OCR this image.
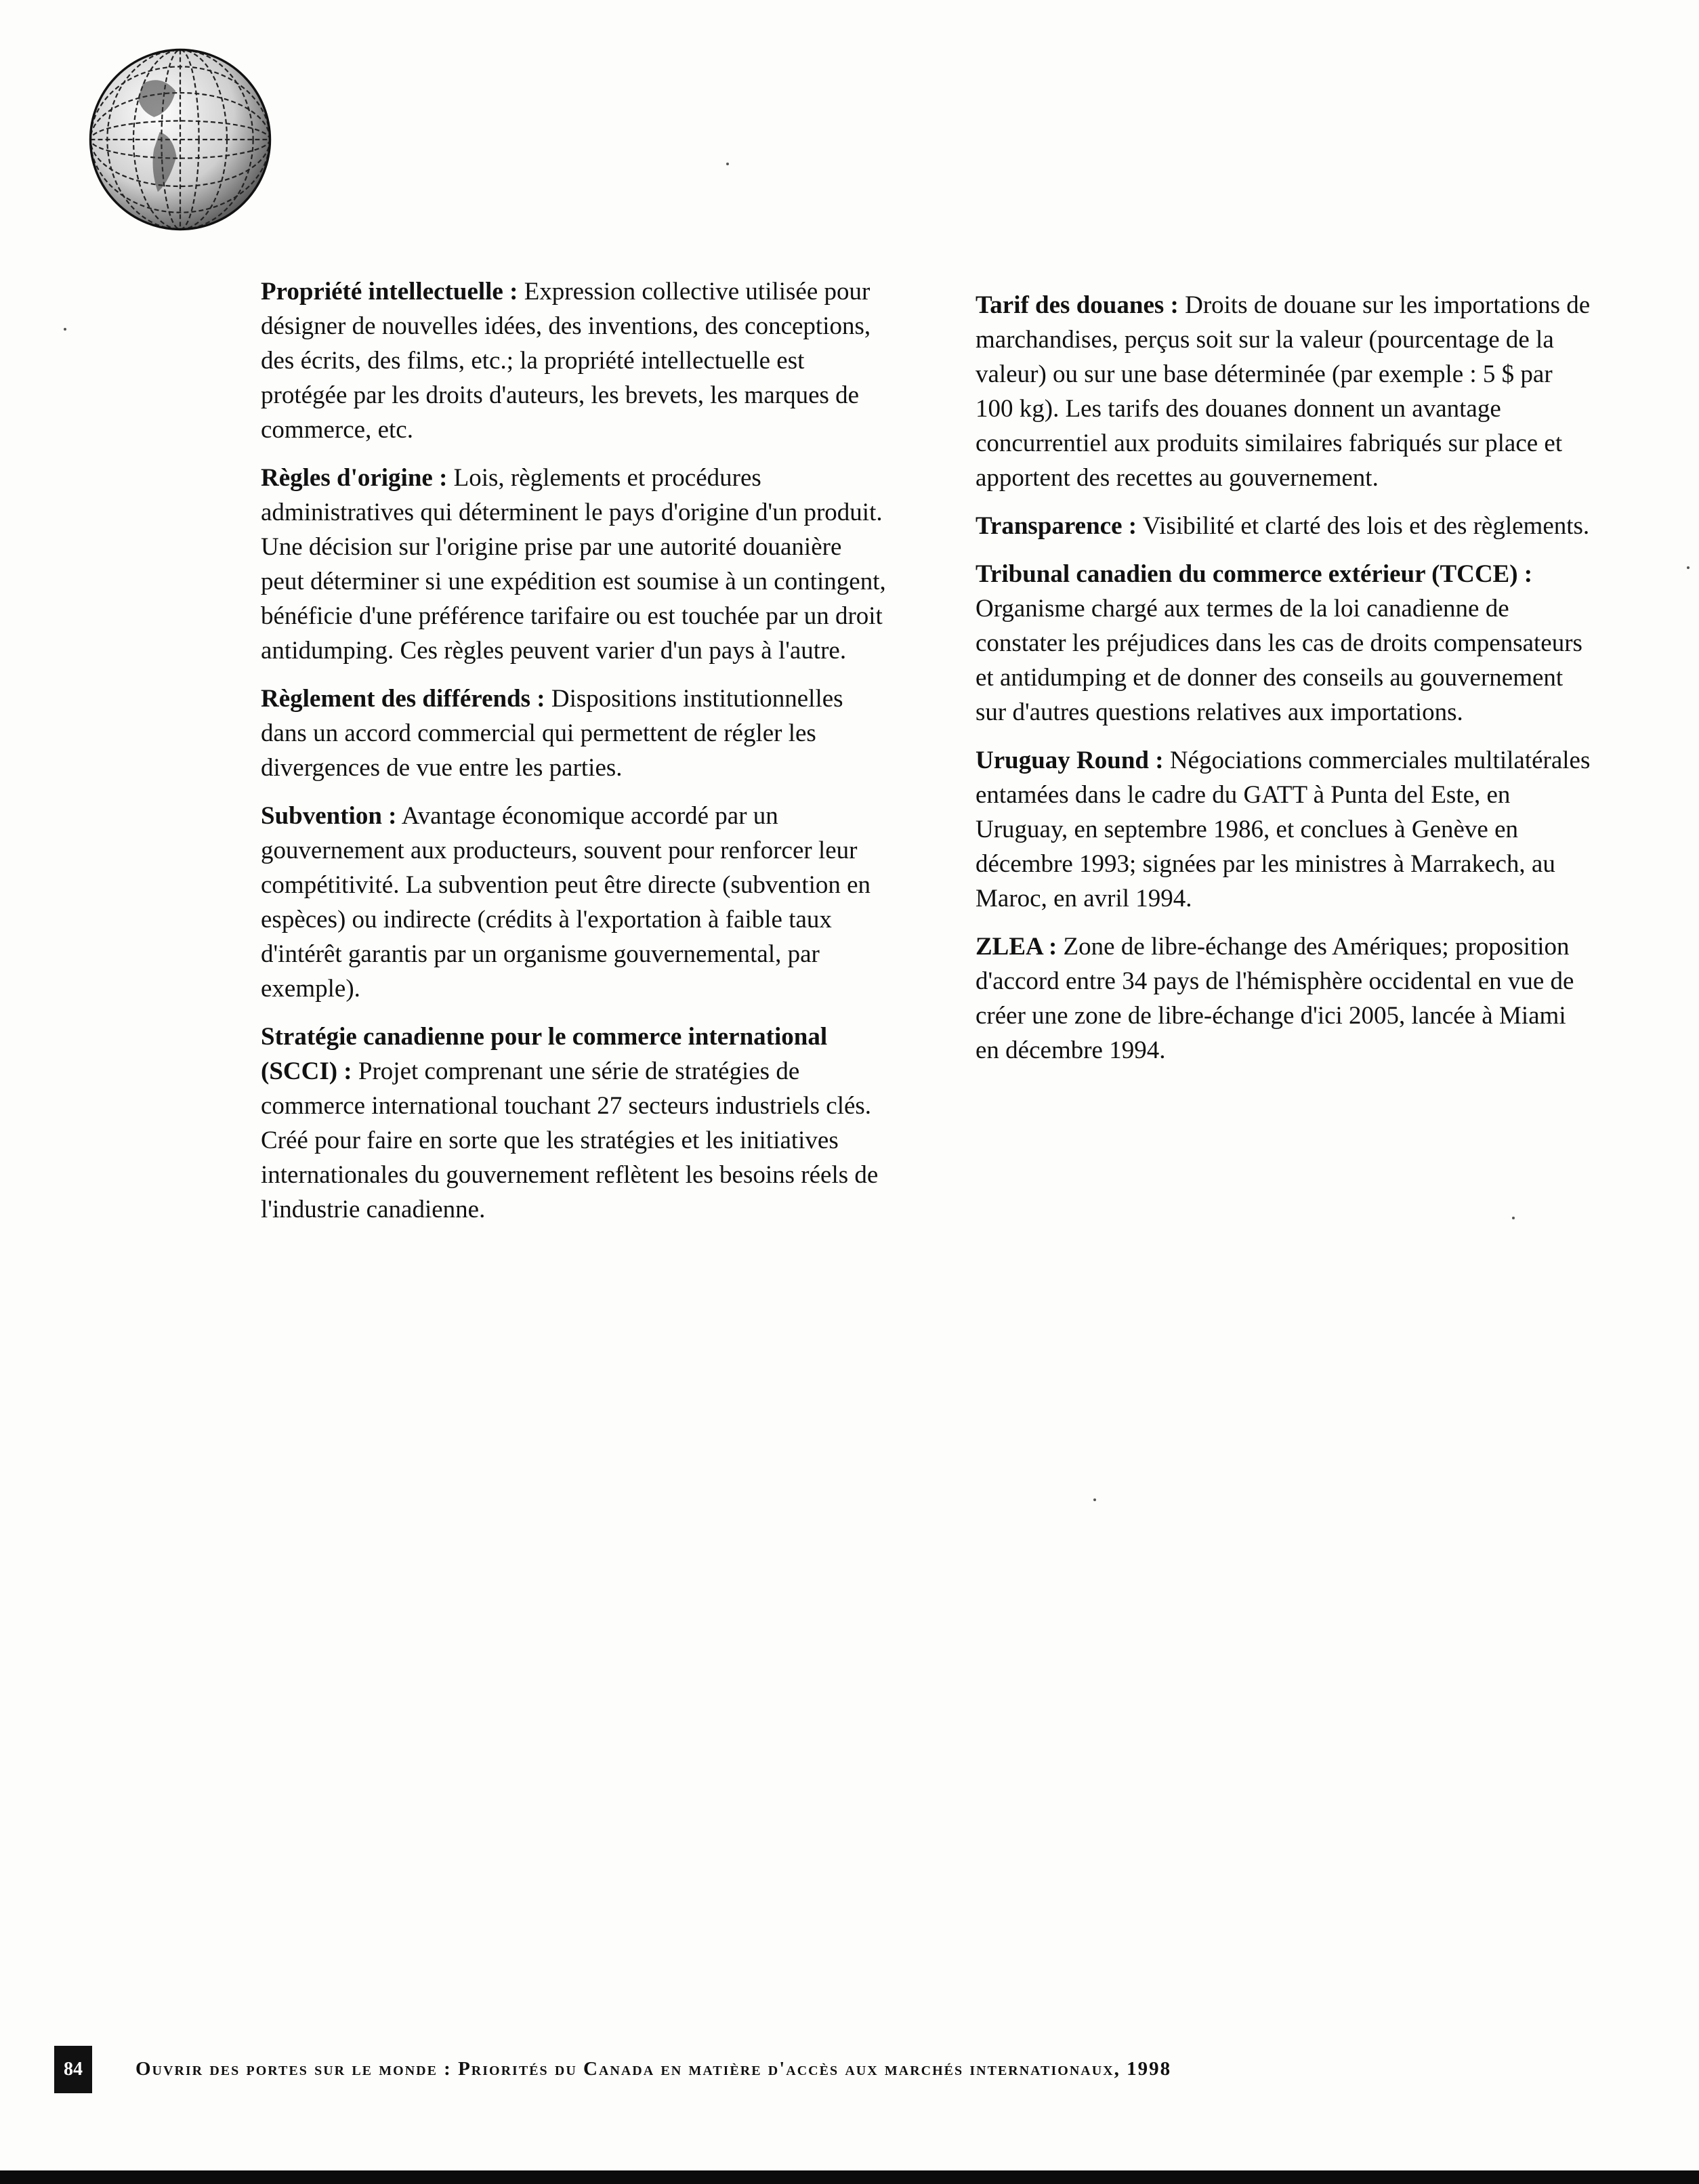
Propriété intellectuelle : Expression collective utilisée pour désigner de nouvelles idées, des inventions, des conceptions, des écrits, des films, etc.; la propriété intellectuelle est protégée par les droits d'auteurs, les brevets, les marques de commerce, etc.

Règles d'origine : Lois, règlements et procédures administratives qui déterminent le pays d'origine d'un produit. Une décision sur l'origine prise par une autorité douanière peut déterminer si une expédition est soumise à un contingent, bénéficie d'une préférence tarifaire ou est touchée par un droit antidumping. Ces règles peuvent varier d'un pays à l'autre.

Règlement des différends : Dispositions institutionnelles dans un accord commercial qui permettent de régler les divergences de vue entre les parties.

Subvention : Avantage économique accordé par un gouvernement aux producteurs, souvent pour renforcer leur compétitivité. La subvention peut être directe (subvention en espèces) ou indirecte (crédits à l'exportation à faible taux d'intérêt garantis par un organisme gouvernemental, par exemple).

Stratégie canadienne pour le commerce international (SCCI) : Projet comprenant une série de stratégies de commerce international touchant 27 secteurs industriels clés. Créé pour faire en sorte que les stratégies et les initiatives internationales du gouvernement reflètent les besoins réels de l'industrie canadienne.

Tarif des douanes : Droits de douane sur les importations de marchandises, perçus soit sur la valeur (pourcentage de la valeur) ou sur une base déterminée (par exemple : 5 $ par 100 kg). Les tarifs des douanes donnent un avantage concurrentiel aux produits similaires fabriqués sur place et apportent des recettes au gouvernement.

Transparence : Visibilité et clarté des lois et des règlements.

Tribunal canadien du commerce extérieur (TCCE) : Organisme chargé aux termes de la loi canadienne de constater les préjudices dans les cas de droits compensateurs et antidumping et de donner des conseils au gouvernement sur d'autres questions relatives aux importations.

Uruguay Round : Négociations commerciales multilatérales entamées dans le cadre du GATT à Punta del Este, en Uruguay, en septembre 1986, et conclues à Genève en décembre 1993; signées par les ministres à Marrakech, au Maroc, en avril 1994.

ZLEA : Zone de libre-échange des Amériques; proposition d'accord entre 34 pays de l'hémisphère occidental en vue de créer une zone de libre-échange d'ici 2005, lancée à Miami en décembre 1994.

84	Ouvrir des portes sur le monde : Priorités du Canada en matière d'accès aux marchés internationaux, 1998
